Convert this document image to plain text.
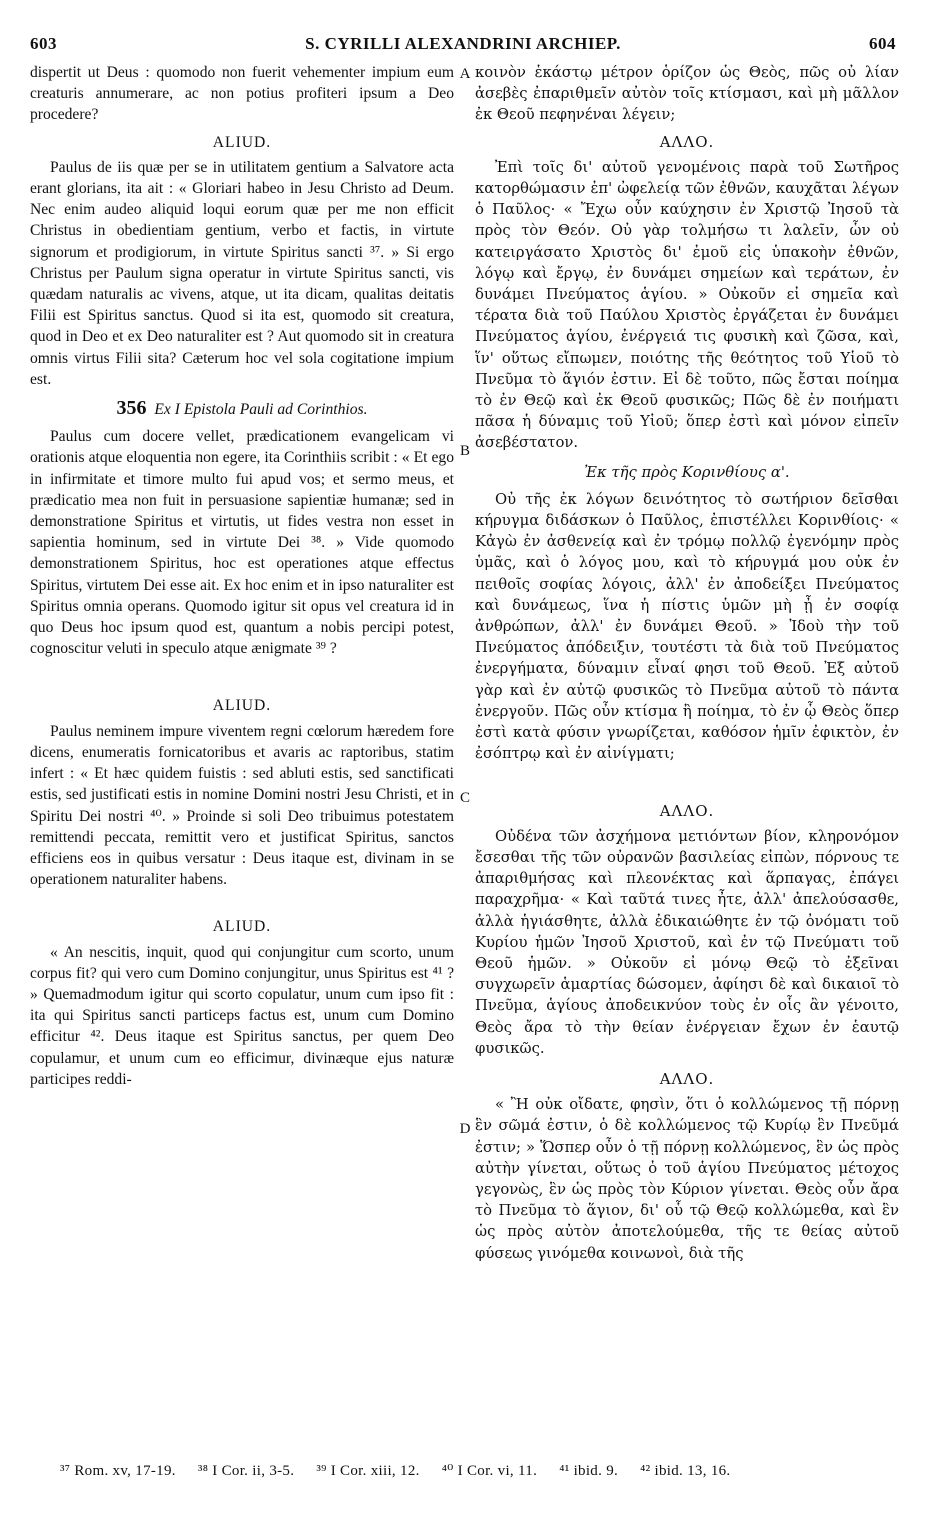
603	S. CYRILLI ALEXANDRINI ARCHIEP.	604

dispertit ut Deus : quomodo non fuerit vehementer impium eum creaturis annumerare, ac non potius profiteri ipsum a Deo procedere?

ALIUD.

Paulus de iis quæ per se in utilitatem gentium a Salvatore acta erant glorians, ita ait : « Gloriari habeo in Jesu Christo ad Deum. Nec enim audeo aliquid loqui eorum quæ per me non efficit Christus in obedientiam gentium, verbo et factis, in virtute signorum et prodigiorum, in virtute Spiritus sancti ³⁷. » Si ergo Christus per Paulum signa operatur in virtute Spiritus sancti, vis quædam naturalis ac vivens, atque, ut ita dicam, qualitas deitatis Filii est Spiritus sanctus. Quod si ita est, quomodo sit creatura, quod in Deo et ex Deo naturaliter est ? Aut quomodo sit in creatura omnis virtus Filii sita? Cæterum hoc vel sola cogitatione impium est.

356 Ex I Epistola Pauli ad Corinthios.

Paulus cum docere vellet, prædicationem evangelicam vi orationis atque eloquentia non egere, ita Corinthiis scribit : « Et ego in infirmitate et timore multo fui apud vos; et sermo meus, et prædicatio mea non fuit in persuasione sapientiæ humanæ; sed in demonstratione Spiritus et virtutis, ut fides vestra non esset in sapientia hominum, sed in virtute Dei ³⁸. » Vide quomodo demonstrationem Spiritus, hoc est operationes atque effectus Spiritus, virtutem Dei esse ait. Ex hoc enim et in ipso naturaliter est Spiritus omnia operans. Quomodo igitur sit opus vel creatura id in quo Deus hoc ipsum quod est, quantum a nobis percipi potest, cognoscitur veluti in speculo atque ænigmate ³⁹ ?

ALIUD.

Paulus neminem impure viventem regni cœlorum hæredem fore dicens, enumeratis fornicatoribus et avaris ac raptoribus, statim infert : « Et hæc quidem fuistis : sed abluti estis, sed sanctificati estis, sed justificati estis in nomine Domini nostri Jesu Christi, et in Spiritu Dei nostri ⁴⁰. » Proinde si soli Deo tribuimus potestatem remittendi peccata, remittit vero et justificat Spiritus, sanctos efficiens eos in quibus versatur : Deus itaque est, divinam in se operationem naturaliter habens.

ALIUD.

« An nescitis, inquit, quod qui conjungitur cum scorto, unum corpus fit? qui vero cum Domino conjungitur, unus Spiritus est ⁴¹ ? » Quemadmodum igitur qui scorto copulatur, unum cum ipso fit : ita qui Spiritus sancti particeps factus est, unum cum Domino efficitur ⁴². Deus itaque est Spiritus sanctus, per quem Deo copulamur, et unum cum eo efficimur, divinæque ejus naturæ participes reddi-

κοινὸν ἑκάστῳ μέτρον ὁρίζον ὡς Θεὸς, πῶς οὐ λίαν ἀσεβὲς ἐπαριθμεῖν αὐτὸν τοῖς κτίσμασι, καὶ μὴ μᾶλλον ἐκ Θεοῦ πεφηνέναι λέγειν;

ΑΛΛΟ.

Ἐπὶ τοῖς δι' αὐτοῦ γενομένοις παρὰ τοῦ Σωτῆρος κατορθώμασιν ἐπ' ὠφελείᾳ τῶν ἐθνῶν, καυχᾶται λέγων ὁ Παῦλος· « Ἔχω οὖν καύχησιν ἐν Χριστῷ Ἰησοῦ τὰ πρὸς τὸν Θεόν. Οὐ γὰρ τολμήσω τι λαλεῖν, ὧν οὐ κατειργάσατο Χριστὸς δι' ἐμοῦ εἰς ὑπακοὴν ἐθνῶν, λόγῳ καὶ ἔργῳ, ἐν δυνάμει σημείων καὶ τεράτων, ἐν δυνάμει Πνεύματος ἁγίου. » Οὐκοῦν εἰ σημεῖα καὶ τέρατα διὰ τοῦ Παύλου Χριστὸς ἐργάζεται ἐν δυνάμει Πνεύματος ἁγίου, ἐνέργειά τις φυσικὴ καὶ ζῶσα, καὶ, ἵν' οὕτως εἴπωμεν, ποιότης τῆς θεότητος τοῦ Υἱοῦ τὸ Πνεῦμα τὸ ἅγιόν ἐστιν. Εἰ δὲ τοῦτο, πῶς ἔσται ποίημα τὸ ἐν Θεῷ καὶ ἐκ Θεοῦ φυσικῶς; Πῶς δὲ ἐν ποιήματι πᾶσα ἡ δύναμις τοῦ Υἱοῦ; ὅπερ ἐστὶ καὶ μόνον εἰπεῖν ἀσεβέστατον.

Ἐκ τῆς πρὸς Κορινθίους α'.

Οὐ τῆς ἐκ λόγων δεινότητος τὸ σωτήριον δεῖσθαι κήρυγμα διδάσκων ὁ Παῦλος, ἐπιστέλλει Κορινθίοις· « Κἀγὼ ἐν ἀσθενείᾳ καὶ ἐν τρόμῳ πολλῷ ἐγενόμην πρὸς ὑμᾶς, καὶ ὁ λόγος μου, καὶ τὸ κήρυγμά μου οὐκ ἐν πειθοῖς σοφίας λόγοις, ἀλλ' ἐν ἀποδείξει Πνεύματος καὶ δυνάμεως, ἵνα ἡ πίστις ὑμῶν μὴ ᾖ ἐν σοφίᾳ ἀνθρώπων, ἀλλ' ἐν δυνάμει Θεοῦ. » Ἰδοὺ τὴν τοῦ Πνεύματος ἀπόδειξιν, τουτέστι τὰ διὰ τοῦ Πνεύματος ἐνεργήματα, δύναμιν εἶναί φησι τοῦ Θεοῦ. Ἐξ αὐτοῦ γὰρ καὶ ἐν αὐτῷ φυσικῶς τὸ Πνεῦμα αὐτοῦ τὸ πάντα ἐνεργοῦν. Πῶς οὖν κτίσμα ἢ ποίημα, τὸ ἐν ᾧ Θεὸς ὅπερ ἐστὶ κατὰ φύσιν γνωρίζεται, καθόσον ἡμῖν ἐφικτὸν, ἐν ἐσόπτρῳ καὶ ἐν αἰνίγματι;

ΑΛΛΟ.

Οὐδένα τῶν ἀσχήμονα μετιόντων βίον, κληρονόμον ἔσεσθαι τῆς τῶν οὐρανῶν βασιλείας εἰπὼν, πόρνους τε ἀπαριθμήσας καὶ πλεονέκτας καὶ ἅρπαγας, ἐπάγει παραχρῆμα· « Καὶ ταῦτά τινες ἦτε, ἀλλ' ἀπελούσασθε, ἀλλὰ ἡγιάσθητε, ἀλλὰ ἐδικαιώθητε ἐν τῷ ὀνόματι τοῦ Κυρίου ἡμῶν Ἰησοῦ Χριστοῦ, καὶ ἐν τῷ Πνεύματι τοῦ Θεοῦ ἡμῶν. » Οὐκοῦν εἰ μόνῳ Θεῷ τὸ ἐξεῖναι συγχωρεῖν ἁμαρτίας δώσομεν, ἀφίησι δὲ καὶ δικαιοῖ τὸ Πνεῦμα, ἁγίους ἀποδεικνύον τοὺς ἐν οἷς ἂν γένοιτο, Θεὸς ἄρα τὸ τὴν θείαν ἐνέργειαν ἔχων ἐν ἑαυτῷ φυσικῶς.

ΑΛΛΟ.

« Ἢ οὐκ οἴδατε, φησὶν, ὅτι ὁ κολλώμενος τῇ πόρνῃ ἓν σῶμά ἐστιν, ὁ δὲ κολλώμενος τῷ Κυρίῳ ἓν Πνεῦμά ἐστιν; » Ὥσπερ οὖν ὁ τῇ πόρνῃ κολλώμενος, ἓν ὡς πρὸς αὐτὴν γίνεται, οὕτως ὁ τοῦ ἁγίου Πνεύματος μέτοχος γεγονὼς, ἓν ὡς πρὸς τὸν Κύριον γίνεται. Θεὸς οὖν ἄρα τὸ Πνεῦμα τὸ ἅγιον, δι' οὗ τῷ Θεῷ κολλώμεθα, καὶ ἓν ὡς πρὸς αὐτὸν ἀποτελούμεθα, τῆς τε θείας αὐτοῦ φύσεως γινόμεθα κοινωνοὶ, διὰ τῆς

A
B
C
D
³⁷ Rom. xv, 17-19. ³⁸ I Cor. ii, 3-5. ³⁹ I Cor. xiii, 12. ⁴⁰ I Cor. vi, 11. ⁴¹ ibid. 9. ⁴² ibid. 13, 16.
